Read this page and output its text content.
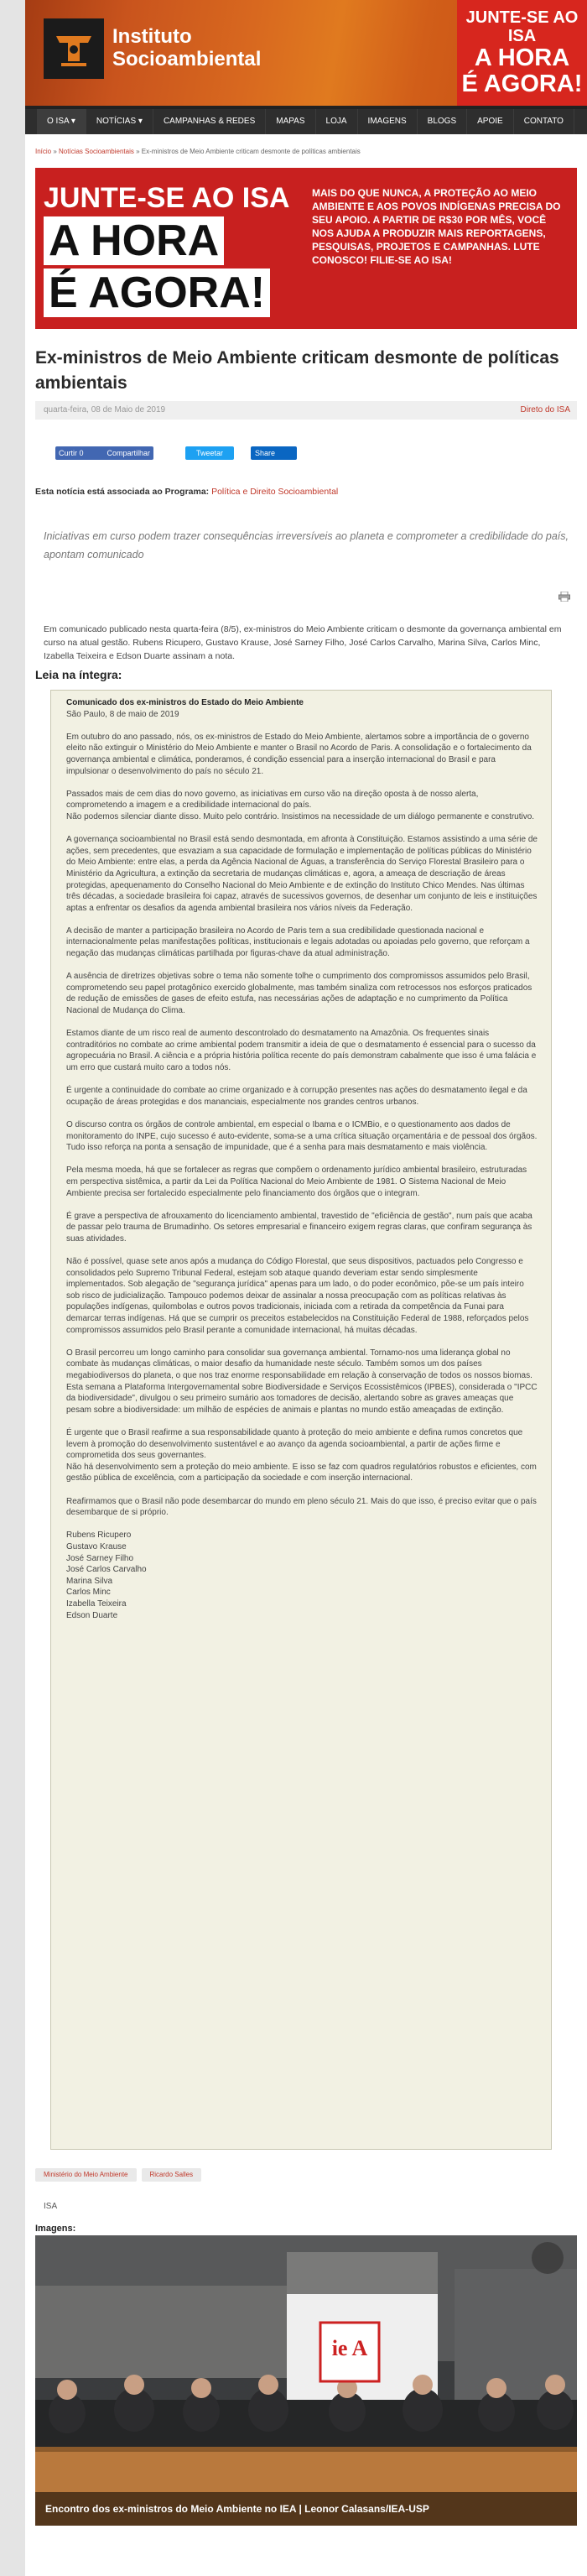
Instituto
Socioambiental
JUNTE-SE AO ISA
A HORA
É AGORA!
O ISA ▾	NOTÍCIAS ▾	CAMPANHAS & REDES	MAPAS	LOJA	IMAGENS	BLOGS	APOIE	CONTATO
Início » Notícias Socioambientais » Ex-ministros de Meio Ambiente criticam desmonte de políticas ambientais
JUNTE-SE AO ISA
A HORA É AGORA!
MAIS DO QUE NUNCA, A PROTEÇÃO AO MEIO AMBIENTE E AOS POVOS INDÍGENAS PRECISA DO SEU APOIO. A PARTIR DE R$30 POR MÊS, VOCÊ NOS AJUDA A PRODUZIR MAIS REPORTAGENS, PESQUISAS, PROJETOS E CAMPANHAS. LUTE CONOSCO! FILIE-SE AO ISA!
Ex-ministros de Meio Ambiente criticam desmonte de políticas ambientais
quarta-feira, 08 de Maio de 2019	Direto do ISA
Curtir 0	Compartilhar	Tweetar	Share
Esta notícia está associada ao Programa: Política e Direito Socioambiental
Iniciativas em curso podem trazer consequências irreversíveis ao planeta e comprometer a credibilidade do país, apontam comunicado
Em comunicado publicado nesta quarta-feira (8/5), ex-ministros do Meio Ambiente criticam o desmonte da governança ambiental em curso na atual gestão. Rubens Ricupero, Gustavo Krause, José Sarney Filho, José Carlos Carvalho, Marina Silva, Carlos Minc, Izabella Teixeira e Edson Duarte assinam a nota.
Leia na íntegra:
Comunicado dos ex-ministros do Estado do Meio Ambiente
São Paulo, 8 de maio de 2019

Em outubro do ano passado, nós, os ex-ministros de Estado do Meio Ambiente, alertamos sobre a importância de o governo eleito não extinguir o Ministério do Meio Ambiente e manter o Brasil no Acordo de Paris. A consolidação e o fortalecimento da governança ambiental e climática, ponderamos, é condição essencial para a inserção internacional do Brasil e para impulsionar o desenvolvimento do país no século 21.

Passados mais de cem dias do novo governo, as iniciativas em curso vão na direção oposta à de nosso alerta, comprometendo a imagem e a credibilidade internacional do país.
Não podemos silenciar diante disso. Muito pelo contrário. Insistimos na necessidade de um diálogo permanente e construtivo.

A governança socioambiental no Brasil está sendo desmontada, em afronta à Constituição. Estamos assistindo a uma série de ações, sem precedentes, que esvaziam a sua capacidade de formulação e implementação de políticas públicas do Ministério do Meio Ambiente: entre elas, a perda da Agência Nacional de Águas, a transferência do Serviço Florestal Brasileiro para o Ministério da Agricultura, a extinção da secretaria de mudanças climáticas e, agora, a ameaça de descriação de áreas protegidas, apequenamento do Conselho Nacional do Meio Ambiente e de extinção do Instituto Chico Mendes. Nas últimas três décadas, a sociedade brasileira foi capaz, através de sucessivos governos, de desenhar um conjunto de leis e instituições aptas a enfrentar os desafios da agenda ambiental brasileira nos vários níveis da Federação.

A decisão de manter a participação brasileira no Acordo de Paris tem a sua credibilidade questionada nacional e internacionalmente pelas manifestações políticas, institucionais e legais adotadas ou apoiadas pelo governo, que reforçam a negação das mudanças climáticas partilhada por figuras-chave da atual administração.

A ausência de diretrizes objetivas sobre o tema não somente tolhe o cumprimento dos compromissos assumidos pelo Brasil, comprometendo seu papel protagônico exercido globalmente, mas também sinaliza com retrocessos nos esforços praticados de redução de emissões de gases de efeito estufa, nas necessárias ações de adaptação e no cumprimento da Política Nacional de Mudança do Clima.

Estamos diante de um risco real de aumento descontrolado do desmatamento na Amazônia. Os frequentes sinais contraditórios no combate ao crime ambiental podem transmitir a ideia de que o desmatamento é essencial para o sucesso da agropecuária no Brasil. A ciência e a própria história política recente do país demonstram cabalmente que isso é uma falácia e um erro que custará muito caro a todos nós.

É urgente a continuidade do combate ao crime organizado e à corrupção presentes nas ações do desmatamento ilegal e da ocupação de áreas protegidas e dos mananciais, especialmente nos grandes centros urbanos.

O discurso contra os órgãos de controle ambiental, em especial o Ibama e o ICMBio, e o questionamento aos dados de monitoramento do INPE, cujo sucesso é auto-evidente, soma-se a uma crítica situação orçamentária e de pessoal dos órgãos. Tudo isso reforça na ponta a sensação de impunidade, que é a senha para mais desmatamento e mais violência.

Pela mesma moeda, há que se fortalecer as regras que compõem o ordenamento jurídico ambiental brasileiro, estruturadas em perspectiva sistêmica, a partir da Lei da Política Nacional do Meio Ambiente de 1981. O Sistema Nacional de Meio Ambiente precisa ser fortalecido especialmente pelo financiamento dos órgãos que o integram.

É grave a perspectiva de afrouxamento do licenciamento ambiental, travestido de "eficiência de gestão", num país que acaba de passar pelo trauma de Brumadinho. Os setores empresarial e financeiro exigem regras claras, que confiram segurança às suas atividades.

Não é possível, quase sete anos após a mudança do Código Florestal, que seus dispositivos, pactuados pelo Congresso e consolidados pelo Supremo Tribunal Federal, estejam sob ataque quando deveriam estar sendo simplesmente implementados. Sob alegação de "segurança jurídica" apenas para um lado, o do poder econômico, põe-se um país inteiro sob risco de judicialização. Tampouco podemos deixar de assinalar a nossa preocupação com as políticas relativas às populações indígenas, quilombolas e outros povos tradicionais, iniciada com a retirada da competência da Funai para demarcar terras indígenas. Há que se cumprir os preceitos estabelecidos na Constituição Federal de 1988, reforçados pelos compromissos assumidos pelo Brasil perante a comunidade internacional, há muitas décadas.

O Brasil percorreu um longo caminho para consolidar sua governança ambiental. Tornamo-nos uma liderança global no combate às mudanças climáticas, o maior desafio da humanidade neste século. Também somos um dos países megabiodiversos do planeta, o que nos traz enorme responsabilidade em relação à conservação de todos os nossos biomas. Esta semana a Plataforma Intergovernamental sobre Biodiversidade e Serviços Ecossistêmicos (IPBES), considerada o "IPCC da biodiversidade", divulgou o seu primeiro sumário aos tomadores de decisão, alertando sobre as graves ameaças que pesam sobre a biodiversidade: um milhão de espécies de animais e plantas no mundo estão ameaçadas de extinção.

É urgente que o Brasil reafirme a sua responsabilidade quanto à proteção do meio ambiente e defina rumos concretos que levem à promoção do desenvolvimento sustentável e ao avanço da agenda socioambiental, a partir de ações firme e comprometida dos seus governantes.
Não há desenvolvimento sem a proteção do meio ambiente. E isso se faz com quadros regulatórios robustos e eficientes, com gestão pública de excelência, com a participação da sociedade e com inserção internacional.

Reafirmamos que o Brasil não pode desembarcar do mundo em pleno século 21. Mais do que isso, é preciso evitar que o país desembarque de si próprio.

Rubens Ricupero
Gustavo Krause
José Sarney Filho
José Carlos Carvalho
Marina Silva
Carlos Minc
Izabella Teixeira
Edson Duarte
Ministério do Meio Ambiente	Ricardo Salles
ISA
Imagens:
ie A
Encontro dos ex-ministros do Meio Ambiente no IEA | Leonor Calasans/IEA-USP
